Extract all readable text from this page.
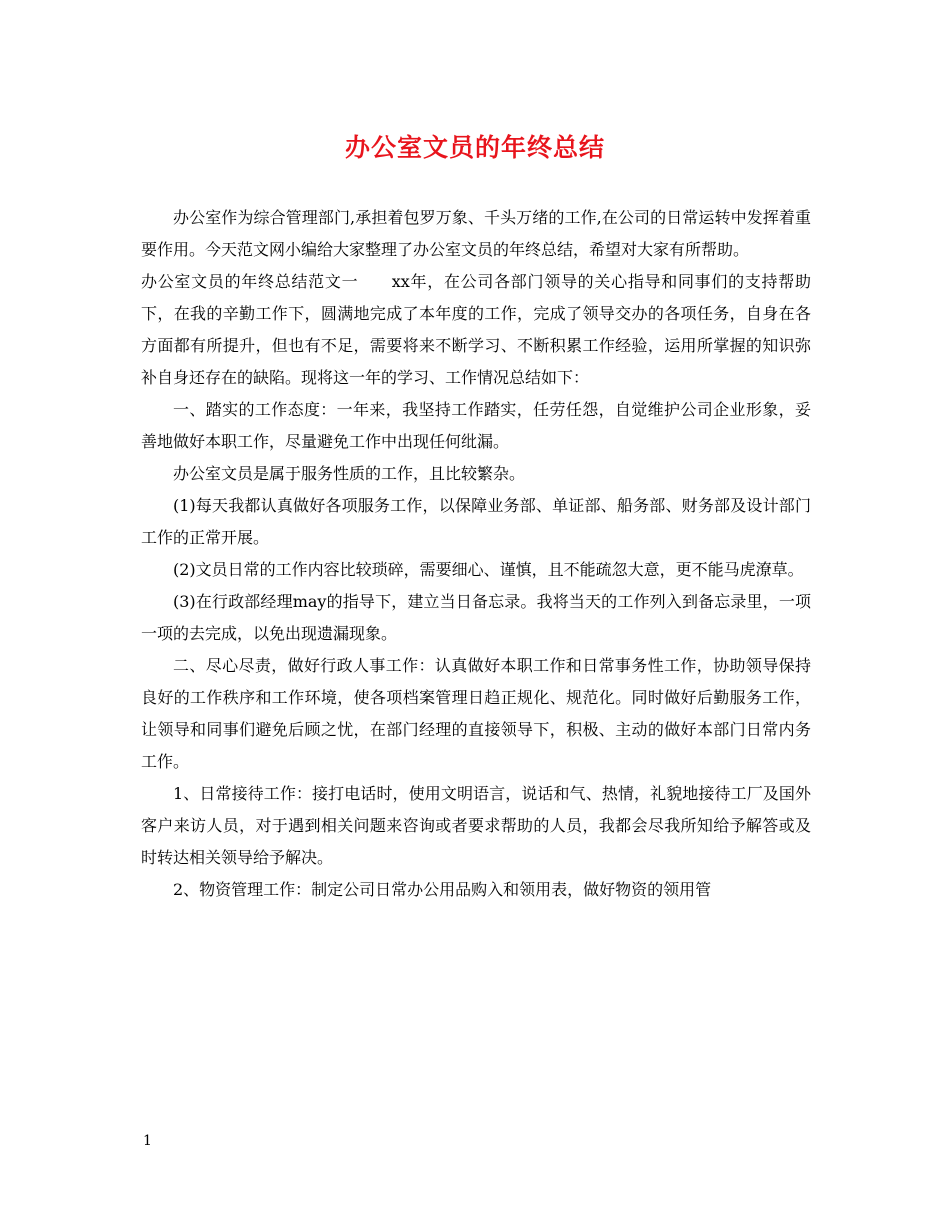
办公室文员的年终总结

办公室作为综合管理部门,承担着包罗万象、千头万绪的工作,在公司的日常运转中发挥着重要作用。今天范文网小编给大家整理了办公室文员的年终总结，希望对大家有所帮助。

办公室文员的年终总结范文一　　xx年，在公司各部门领导的关心指导和同事们的支持帮助下，在我的辛勤工作下，圆满地完成了本年度的工作，完成了领导交办的各项任务，自身在各方面都有所提升，但也有不足，需要将来不断学习、不断积累工作经验，运用所掌握的知识弥补自身还存在的缺陷。现将这一年的学习、工作情况总结如下：

一、踏实的工作态度：一年来，我坚持工作踏实，任劳任怨，自觉维护公司企业形象，妥善地做好本职工作，尽量避免工作中出现任何纰漏。

办公室文员是属于服务性质的工作，且比较繁杂。

(1)每天我都认真做好各项服务工作，以保障业务部、单证部、船务部、财务部及设计部门工作的正常开展。

(2)文员日常的工作内容比较琐碎，需要细心、谨慎，且不能疏忽大意，更不能马虎潦草。

(3)在行政部经理may的指导下，建立当日备忘录。我将当天的工作列入到备忘录里，一项一项的去完成，以免出现遗漏现象。

二、尽心尽责，做好行政人事工作：认真做好本职工作和日常事务性工作，协助领导保持良好的工作秩序和工作环境，使各项档案管理日趋正规化、规范化。同时做好后勤服务工作，让领导和同事们避免后顾之忧，在部门经理的直接领导下，积极、主动的做好本部门日常内务工作。

1、日常接待工作：接打电话时，使用文明语言，说话和气、热情，礼貌地接待工厂及国外客户来访人员，对于遇到相关问题来咨询或者要求帮助的人员，我都会尽我所知给予解答或及时转达相关领导给予解决。

2、物资管理工作：制定公司日常办公用品购入和领用表，做好物资的领用管

1
